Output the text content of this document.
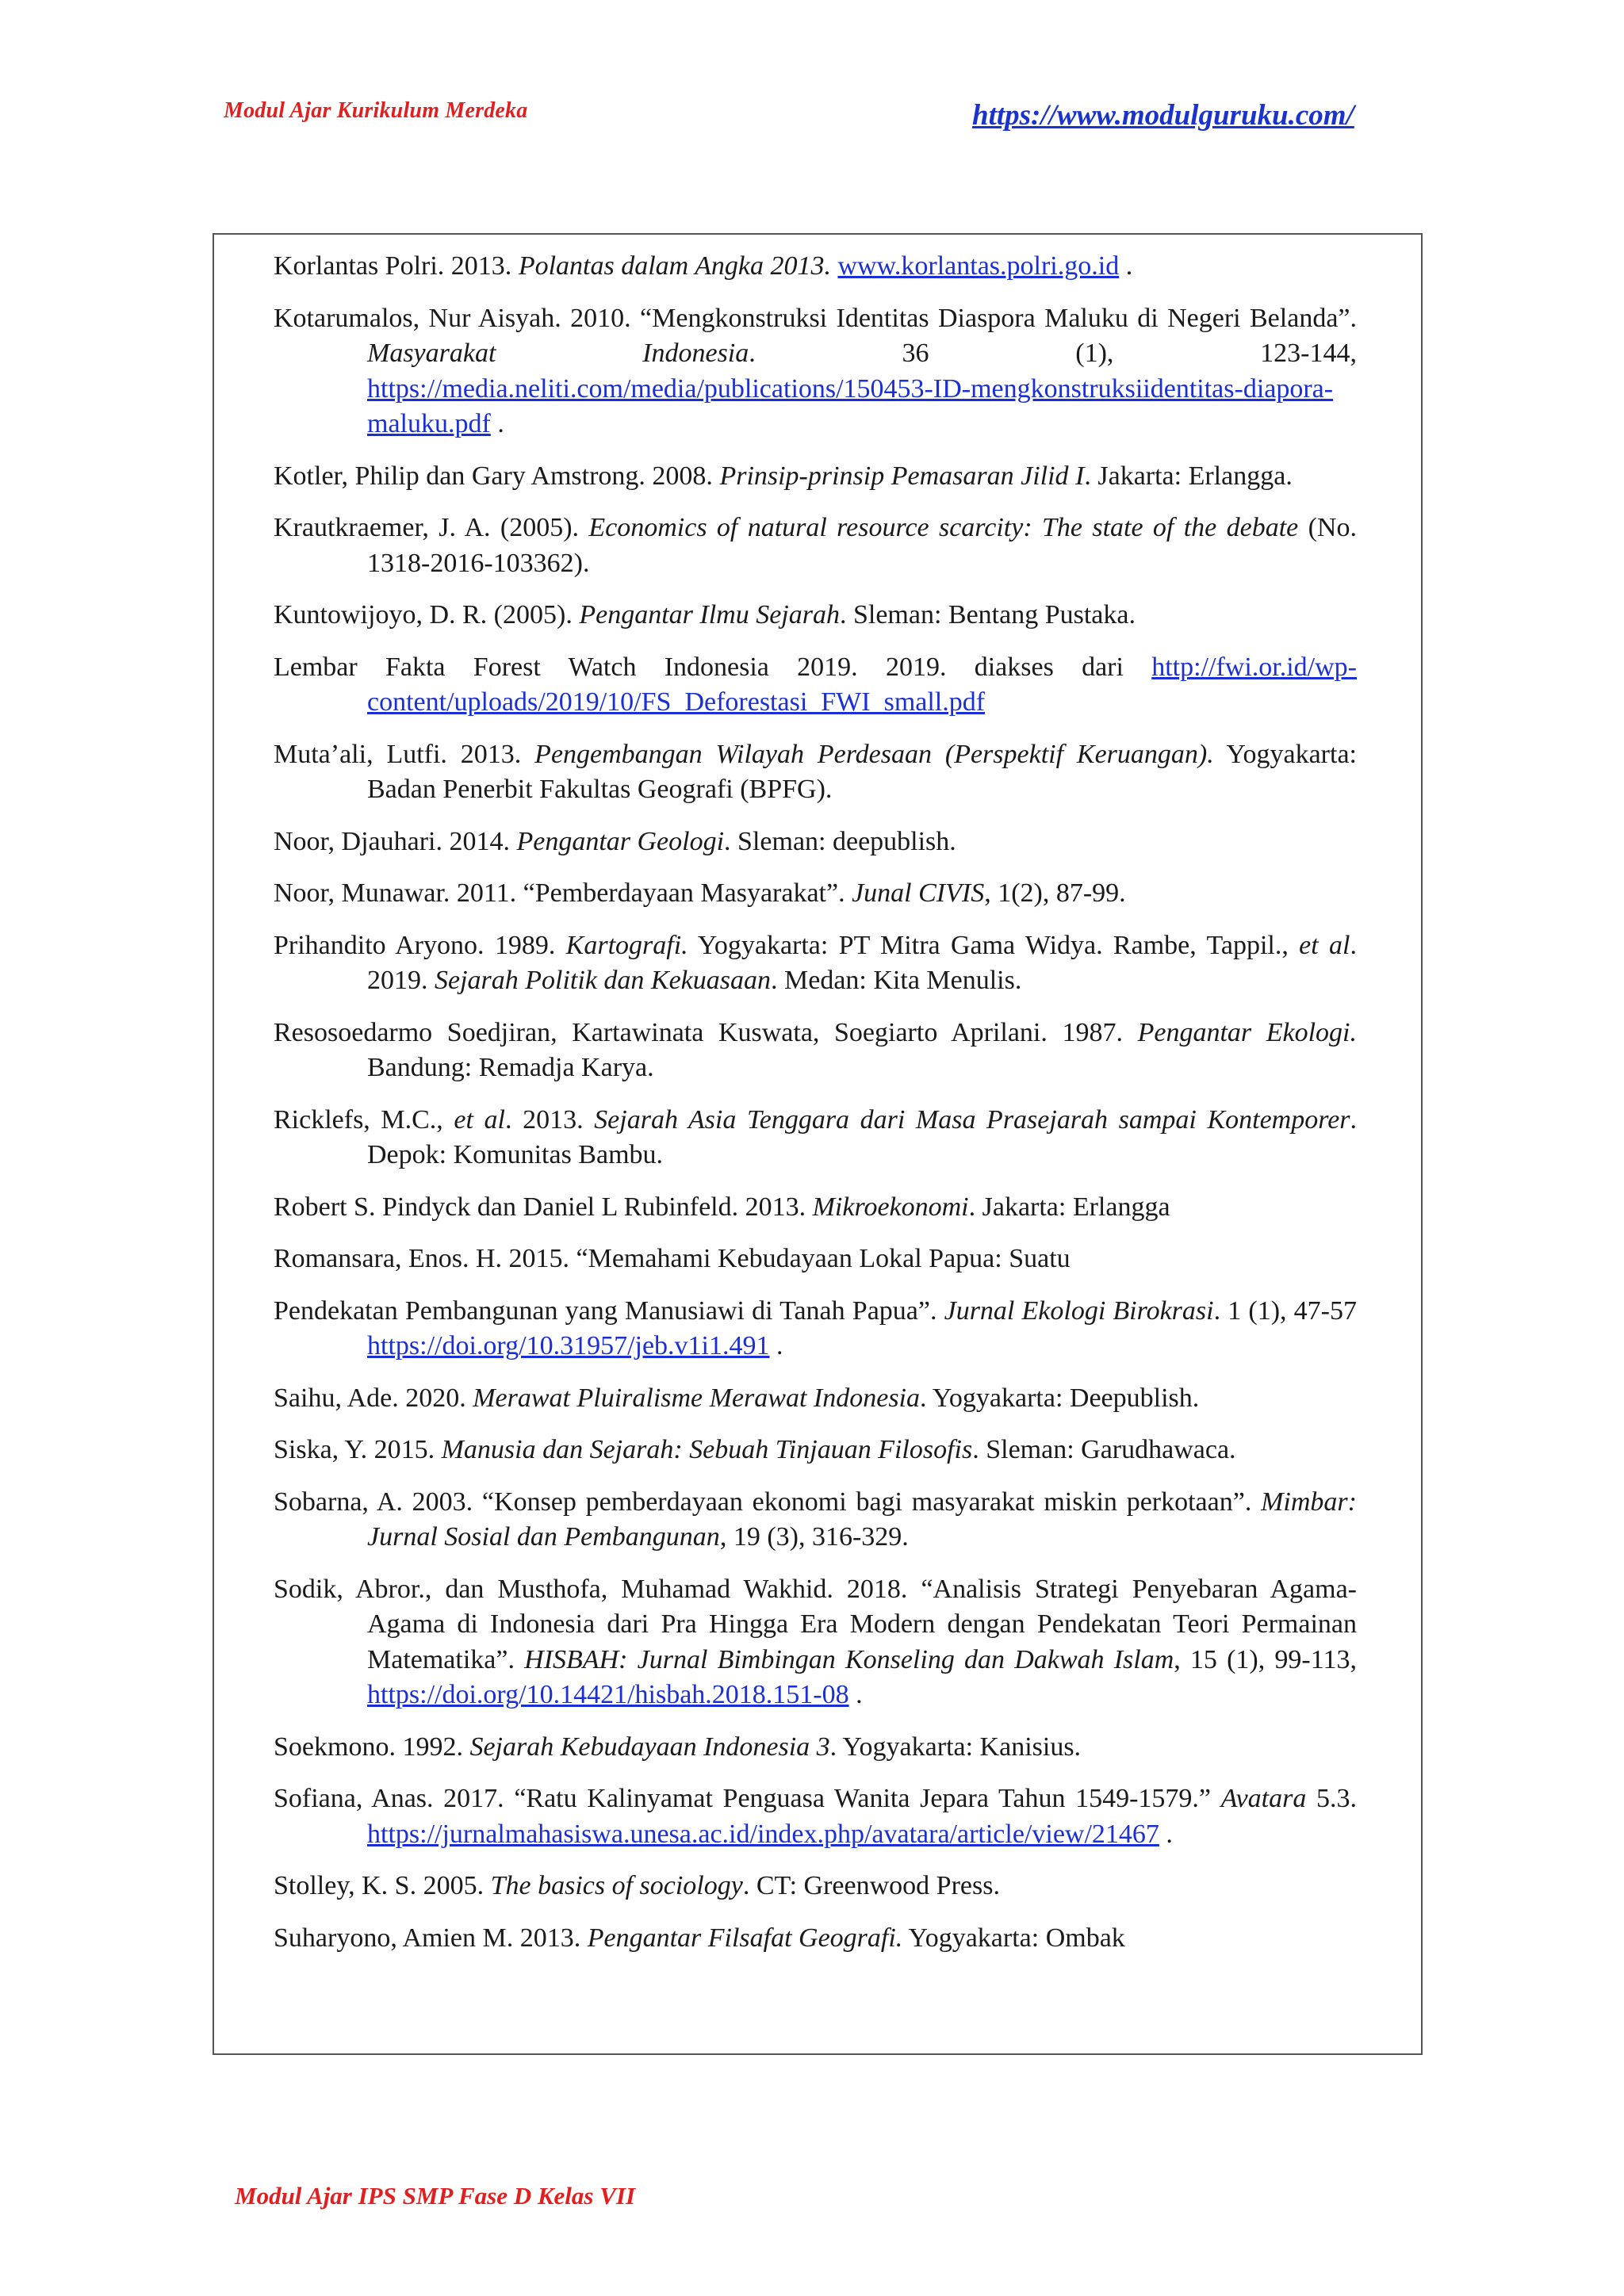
Modul Ajar Kurikulum Merdeka	https://www.modulguruku.com/

Korlantas Polri. 2013. Polantas dalam Angka 2013. www.korlantas.polri.go.id .

Kotarumalos, Nur Aisyah. 2010. “Mengkonstruksi Identitas Diaspora Maluku di Negeri Belanda”. Masyarakat Indonesia. 36 (1), 123-144, https://media.neliti.com/media/publications/150453-ID-mengkonstruksiidentitas-diapora-maluku.pdf .

Kotler, Philip dan Gary Amstrong. 2008. Prinsip-prinsip Pemasaran Jilid I. Jakarta: Erlangga.

Krautkraemer, J. A. (2005). Economics of natural resource scarcity: The state of the debate (No. 1318-2016-103362).

Kuntowijoyo, D. R. (2005). Pengantar Ilmu Sejarah. Sleman: Bentang Pustaka.

Lembar Fakta Forest Watch Indonesia 2019. 2019. diakses dari http://fwi.or.id/wp-content/uploads/2019/10/FS_Deforestasi_FWI_small.pdf

Muta’ali, Lutfi. 2013. Pengembangan Wilayah Perdesaan (Perspektif Keruangan). Yogyakarta: Badan Penerbit Fakultas Geografi (BPFG).

Noor, Djauhari. 2014. Pengantar Geologi. Sleman: deepublish.

Noor, Munawar. 2011. “Pemberdayaan Masyarakat”. Junal CIVIS, 1(2), 87-99.

Prihandito Aryono. 1989. Kartografi. Yogyakarta: PT Mitra Gama Widya. Rambe, Tappil., et al. 2019. Sejarah Politik dan Kekuasaan. Medan: Kita Menulis.

Resosoedarmo Soedjiran, Kartawinata Kuswata, Soegiarto Aprilani. 1987. Pengantar Ekologi. Bandung: Remadja Karya.

Ricklefs, M.C., et al. 2013. Sejarah Asia Tenggara dari Masa Prasejarah sampai Kontemporer. Depok: Komunitas Bambu.

Robert S. Pindyck dan Daniel L Rubinfeld. 2013. Mikroekonomi. Jakarta: Erlangga

Romansara, Enos. H. 2015. “Memahami Kebudayaan Lokal Papua: Suatu

Pendekatan Pembangunan yang Manusiawi di Tanah Papua”. Jurnal Ekologi Birokrasi. 1 (1), 47-57 https://doi.org/10.31957/jeb.v1i1.491 .

Saihu, Ade. 2020. Merawat Pluiralisme Merawat Indonesia. Yogyakarta: Deepublish.

Siska, Y. 2015. Manusia dan Sejarah: Sebuah Tinjauan Filosofis. Sleman: Garudhawaca.

Sobarna, A. 2003. “Konsep pemberdayaan ekonomi bagi masyarakat miskin perkotaan”. Mimbar: Jurnal Sosial dan Pembangunan, 19 (3), 316-329.

Sodik, Abror., dan Musthofa, Muhamad Wakhid. 2018. “Analisis Strategi Penyebaran Agama-Agama di Indonesia dari Pra Hingga Era Modern dengan Pendekatan Teori Permainan Matematika”. HISBAH: Jurnal Bimbingan Konseling dan Dakwah Islam, 15 (1), 99-113, https://doi.org/10.14421/hisbah.2018.151-08 .

Soekmono. 1992. Sejarah Kebudayaan Indonesia 3. Yogyakarta: Kanisius.

Sofiana, Anas. 2017. “Ratu Kalinyamat Penguasa Wanita Jepara Tahun 1549-1579.” Avatara 5.3. https://jurnalmahasiswa.unesa.ac.id/index.php/avatara/article/view/21467 .

Stolley, K. S. 2005. The basics of sociology. CT: Greenwood Press.

Suharyono, Amien M. 2013. Pengantar Filsafat Geografi. Yogyakarta: Ombak

Modul Ajar IPS SMP Fase D Kelas VII
